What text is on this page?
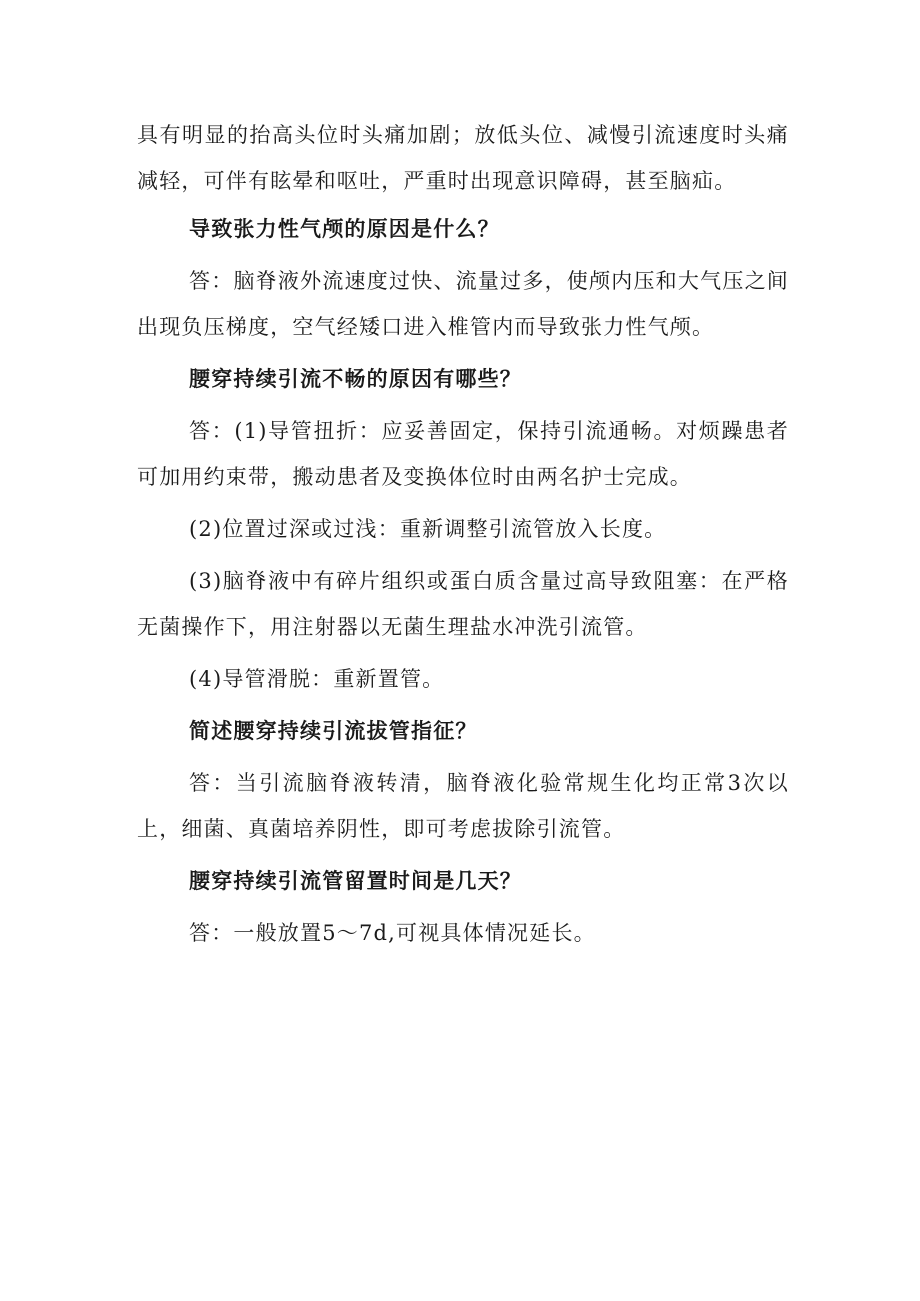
具有明显的抬高头位时头痛加剧；放低头位、减慢引流速度时头痛减轻，可伴有眩晕和呕吐，严重时出现意识障碍，甚至脑疝。

导致张力性气颅的原因是什么？

答：脑脊液外流速度过快、流量过多，使颅内压和大气压之间出现负压梯度，空气经矮口进入椎管内而导致张力性气颅。

腰穿持续引流不畅的原因有哪些？

答：(1)导管扭折：应妥善固定，保持引流通畅。对烦躁患者可加用约束带，搬动患者及变换体位时由两名护士完成。

(2)位置过深或过浅：重新调整引流管放入长度。

(3)脑脊液中有碎片组织或蛋白质含量过高导致阻塞：在严格无菌操作下，用注射器以无菌生理盐水冲洗引流管。

(4)导管滑脱：重新置管。

简述腰穿持续引流拔管指征？

答：当引流脑脊液转清，脑脊液化验常规生化均正常3次以上，细菌、真菌培养阴性，即可考虑拔除引流管。

腰穿持续引流管留置时间是几天？

答：一般放置5～7d,可视具体情况延长。
